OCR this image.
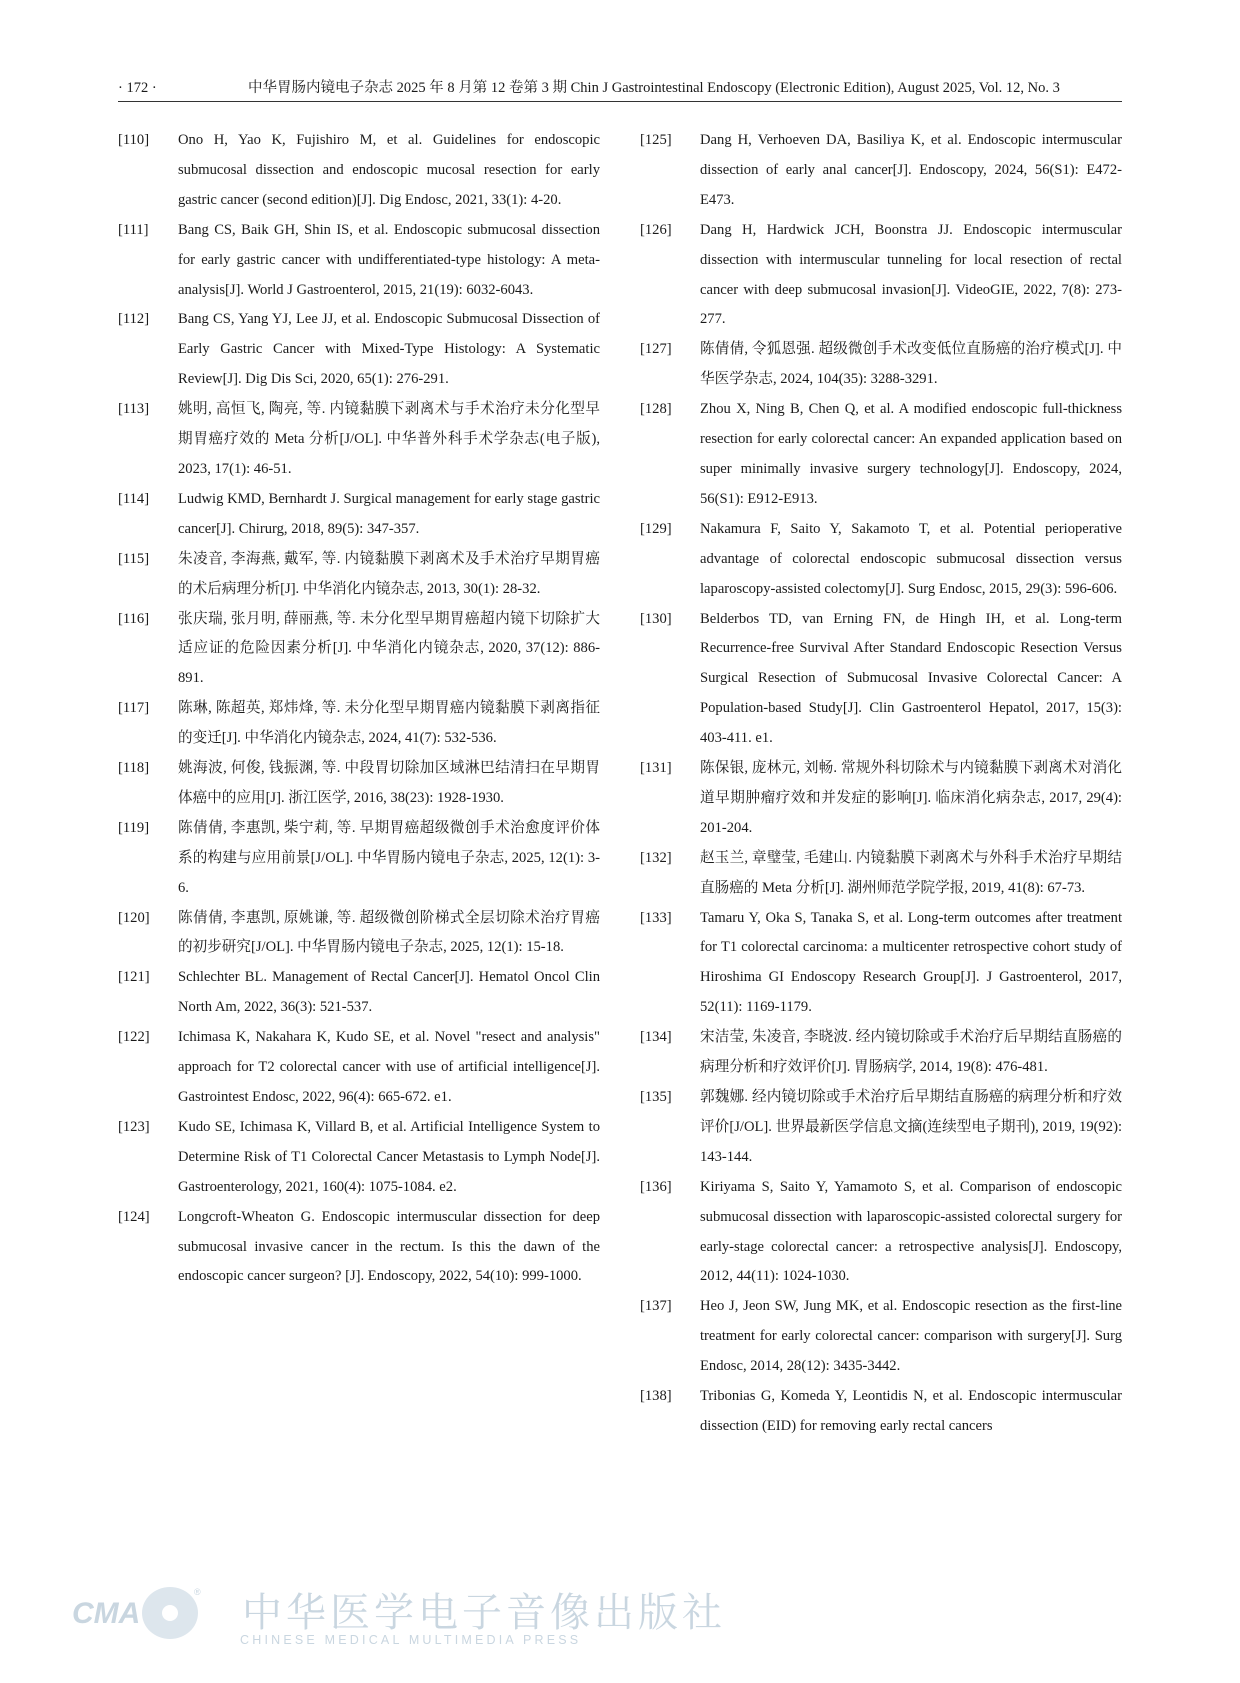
· 172 ·	中华胃肠内镜电子杂志 2025 年 8 月第 12 卷第 3 期 Chin J Gastrointestinal Endoscopy (Electronic Edition), August 2025, Vol. 12, No. 3
[110] Ono H, Yao K, Fujishiro M, et al. Guidelines for endoscopic submucosal dissection and endoscopic mucosal resection for early gastric cancer (second edition)[J]. Dig Endosc, 2021, 33(1): 4-20.
[111] Bang CS, Baik GH, Shin IS, et al. Endoscopic submucosal dissection for early gastric cancer with undifferentiated-type histology: A meta-analysis[J]. World J Gastroenterol, 2015, 21(19): 6032-6043.
[112] Bang CS, Yang YJ, Lee JJ, et al. Endoscopic Submucosal Dissection of Early Gastric Cancer with Mixed-Type Histology: A Systematic Review[J]. Dig Dis Sci, 2020, 65(1): 276-291.
[113] 姚明, 高恒飞, 陶亮, 等. 内镜黏膜下剥离术与手术治疗未分化型早期胃癌疗效的 Meta 分析[J/OL]. 中华普外科手术学杂志(电子版), 2023, 17(1): 46-51.
[114] Ludwig KMD, Bernhardt J. Surgical management for early stage gastric cancer[J]. Chirurg, 2018, 89(5): 347-357.
[115] 朱凌音, 李海燕, 戴军, 等. 内镜黏膜下剥离术及手术治疗早期胃癌的术后病理分析[J]. 中华消化内镜杂志, 2013, 30(1): 28-32.
[116] 张庆瑞, 张月明, 薛丽燕, 等. 未分化型早期胃癌超内镜下切除扩大适应证的危险因素分析[J]. 中华消化内镜杂志, 2020, 37(12): 886-891.
[117] 陈琳, 陈超英, 郑炜烽, 等. 未分化型早期胃癌内镜黏膜下剥离指征的变迁[J]. 中华消化内镜杂志, 2024, 41(7): 532-536.
[118] 姚海波, 何俊, 钱振渊, 等. 中段胃切除加区域淋巴结清扫在早期胃体癌中的应用[J]. 浙江医学, 2016, 38(23): 1928-1930.
[119] 陈倩倩, 李惠凯, 柴宁莉, 等. 早期胃癌超级微创手术治愈度评价体系的构建与应用前景[J/OL]. 中华胃肠内镜电子杂志, 2025, 12(1): 3-6.
[120] 陈倩倩, 李惠凯, 原姚谦, 等. 超级微创阶梯式全层切除术治疗胃癌的初步研究[J/OL]. 中华胃肠内镜电子杂志, 2025, 12(1): 15-18.
[121] Schlechter BL. Management of Rectal Cancer[J]. Hematol Oncol Clin North Am, 2022, 36(3): 521-537.
[122] Ichimasa K, Nakahara K, Kudo SE, et al. Novel "resect and analysis" approach for T2 colorectal cancer with use of artificial intelligence[J]. Gastrointest Endosc, 2022, 96(4): 665-672. e1.
[123] Kudo SE, Ichimasa K, Villard B, et al. Artificial Intelligence System to Determine Risk of T1 Colorectal Cancer Metastasis to Lymph Node[J]. Gastroenterology, 2021, 160(4): 1075-1084. e2.
[124] Longcroft-Wheaton G. Endoscopic intermuscular dissection for deep submucosal invasive cancer in the rectum. Is this the dawn of the endoscopic cancer surgeon? [J]. Endoscopy, 2022, 54(10): 999-1000.
[125] Dang H, Verhoeven DA, Basiliya K, et al. Endoscopic intermuscular dissection of early anal cancer[J]. Endoscopy, 2024, 56(S1): E472-E473.
[126] Dang H, Hardwick JCH, Boonstra JJ. Endoscopic intermuscular dissection with intermuscular tunneling for local resection of rectal cancer with deep submucosal invasion[J]. VideoGIE, 2022, 7(8): 273-277.
[127] 陈倩倩, 令狐恩强. 超级微创手术改变低位直肠癌的治疗模式[J]. 中华医学杂志, 2024, 104(35): 3288-3291.
[128] Zhou X, Ning B, Chen Q, et al. A modified endoscopic full-thickness resection for early colorectal cancer: An expanded application based on super minimally invasive surgery technology[J]. Endoscopy, 2024, 56(S1): E912-E913.
[129] Nakamura F, Saito Y, Sakamoto T, et al. Potential perioperative advantage of colorectal endoscopic submucosal dissection versus laparoscopy-assisted colectomy[J]. Surg Endosc, 2015, 29(3): 596-606.
[130] Belderbos TD, van Erning FN, de Hingh IH, et al. Long-term Recurrence-free Survival After Standard Endoscopic Resection Versus Surgical Resection of Submucosal Invasive Colorectal Cancer: A Population-based Study[J]. Clin Gastroenterol Hepatol, 2017, 15(3): 403-411. e1.
[131] 陈保银, 庞林元, 刘畅. 常规外科切除术与内镜黏膜下剥离术对消化道早期肿瘤疗效和并发症的影响[J]. 临床消化病杂志, 2017, 29(4): 201-204.
[132] 赵玉兰, 章璧莹, 毛建山. 内镜黏膜下剥离术与外科手术治疗早期结直肠癌的 Meta 分析[J]. 湖州师范学院学报, 2019, 41(8): 67-73.
[133] Tamaru Y, Oka S, Tanaka S, et al. Long-term outcomes after treatment for T1 colorectal carcinoma: a multicenter retrospective cohort study of Hiroshima GI Endoscopy Research Group[J]. J Gastroenterol, 2017, 52(11): 1169-1179.
[134] 宋洁莹, 朱凌音, 李晓波. 经内镜切除或手术治疗后早期结直肠癌的病理分析和疗效评价[J]. 胃肠病学, 2014, 19(8): 476-481.
[135] 郭魏娜. 经内镜切除或手术治疗后早期结直肠癌的病理分析和疗效评价[J/OL]. 世界最新医学信息文摘(连续型电子期刊), 2019, 19(92): 143-144.
[136] Kiriyama S, Saito Y, Yamamoto S, et al. Comparison of endoscopic submucosal dissection with laparoscopic-assisted colorectal surgery for early-stage colorectal cancer: a retrospective analysis[J]. Endoscopy, 2012, 44(11): 1024-1030.
[137] Heo J, Jeon SW, Jung MK, et al. Endoscopic resection as the first-line treatment for early colorectal cancer: comparison with surgery[J]. Surg Endosc, 2014, 28(12): 3435-3442.
[138] Tribonias G, Komeda Y, Leontidis N, et al. Endoscopic intermuscular dissection (EID) for removing early rectal cancers
CMA
® 中华医学电子音像出版社
CHINESE MEDICAL MULTIMEDIA PRESS
